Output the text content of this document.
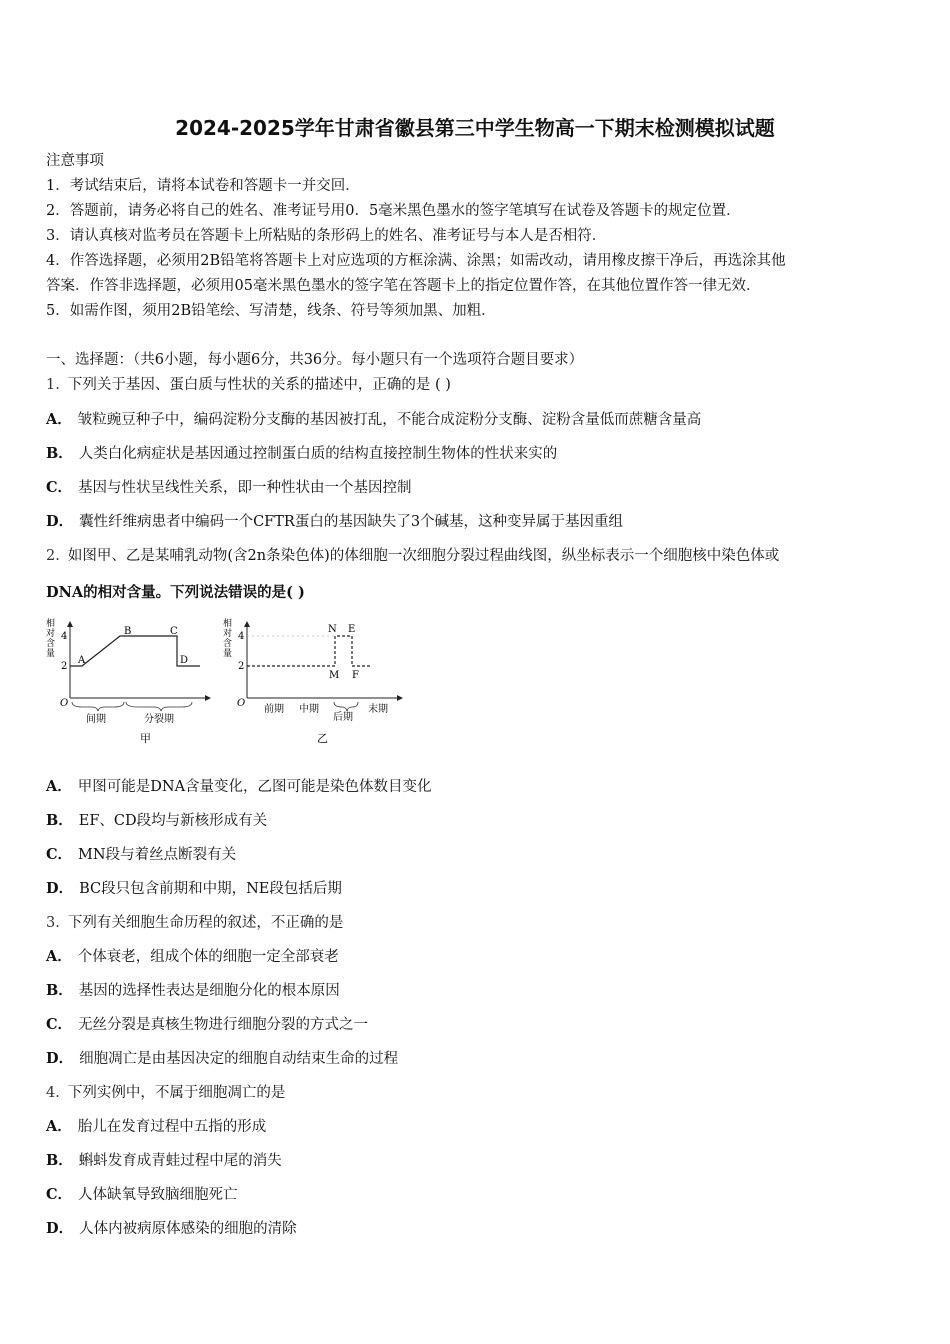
2024-2025学年甘肃省徽县第三中学生物高一下期末检测模拟试题
注意事项
1．考试结束后，请将本试卷和答题卡一并交回．
2．答题前，请务必将自己的姓名、准考证号用0．5毫米黑色墨水的签字笔填写在试卷及答题卡的规定位置．
3．请认真核对监考员在答题卡上所粘贴的条形码上的姓名、准考证号与本人是否相符．
4．作答选择题，必须用2B铅笔将答题卡上对应选项的方框涂满、涂黑；如需改动，请用橡皮擦干净后，再选涂其他
答案．作答非选择题，必须用05毫米黑色墨水的签字笔在答题卡上的指定位置作答，在其他位置作答一律无效．
5．如需作图，须用2B铅笔绘、写清楚，线条、符号等须加黑、加粗．
一、选择题：（共6小题，每小题6分，共36分。每小题只有一个选项符合题目要求）
1. 下列关于基因、蛋白质与性状的关系的描述中，正确的是 ( )
A． 皱粒豌豆种子中，编码淀粉分支酶的基因被打乱，不能合成淀粉分支酶、淀粉含量低而蔗糖含量高
B． 人类白化病症状是基因通过控制蛋白质的结构直接控制生物体的性状来实的
C． 基因与性状呈线性关系，即一种性状由一个基因控制
D． 囊性纤维病患者中编码一个CFTR蛋白的基因缺失了3个碱基，这种变异属于基因重组
2. 如图甲、乙是某哺乳动物(含2n条染色体)的体细胞一次细胞分裂过程曲线图，纵坐标表示一个细胞核中染色体或
DNA的相对含量。下列说法错误的是( )
相
对
含
量
4
2
O
A
B	C
D
间期	分裂期
甲
相
对
含
量
4
2
O
N E
M F
前期 中期
后期
末期
乙
A． 甲图可能是DNA含量变化，乙图可能是染色体数目变化
B． EF、CD段均与新核形成有关
C． MN段与着丝点断裂有关
D． BC段只包含前期和中期，NE段包括后期
3. 下列有关细胞生命历程的叙述，不正确的是
A． 个体衰老，组成个体的细胞一定全部衰老
B． 基因的选择性表达是细胞分化的根本原因
C． 无丝分裂是真核生物进行细胞分裂的方式之一
D． 细胞凋亡是由基因决定的细胞自动结束生命的过程
4. 下列实例中，不属于细胞凋亡的是
A． 胎儿在发育过程中五指的形成
B． 蝌蚪发育成青蛙过程中尾的消失
C． 人体缺氧导致脑细胞死亡
D． 人体内被病原体感染的细胞的清除
